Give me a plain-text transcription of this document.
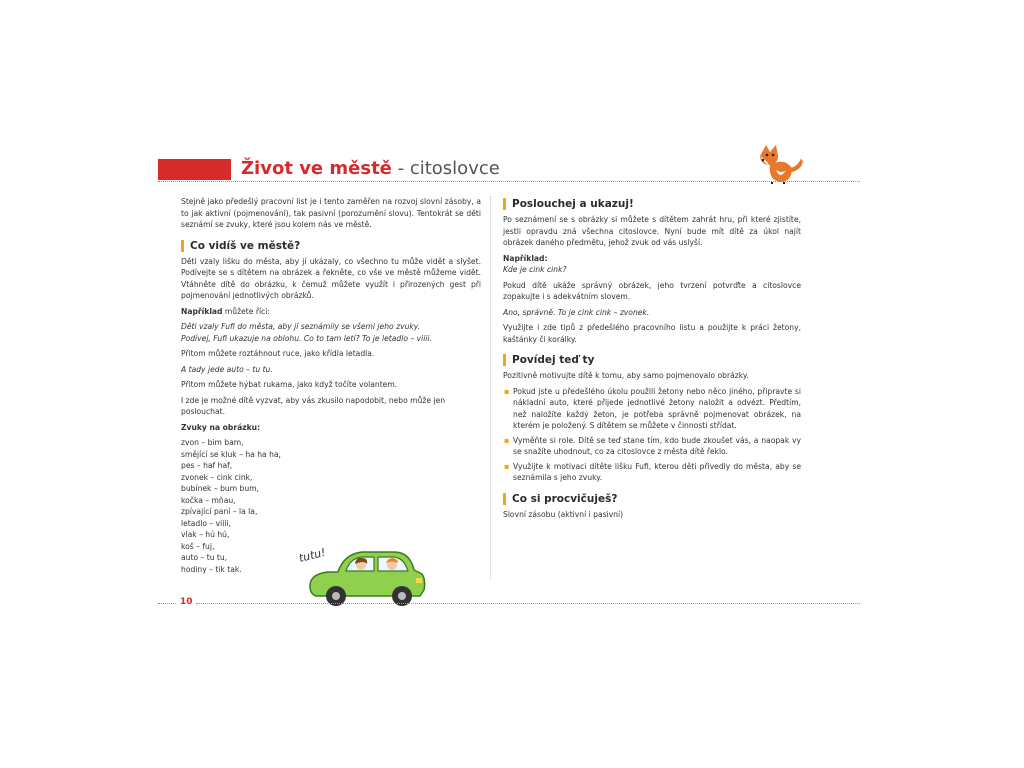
Život ve městě - citoslovce

Stejně jako předešlý pracovní list je i tento zaměřen na rozvoj slovní zásoby, a to jak aktivní (pojmenování), tak pasivní (porozumění slovu). Tentokrát se děti seznámí se zvuky, které jsou kolem nás ve městě.

Co vidíš ve městě?

Děti vzaly lišku do města, aby jí ukázaly, co všechno tu může vidět a slyšet. Podívejte se s dítětem na obrázek a řekněte, co vše ve městě můžeme vidět. Vtáhněte dítě do obrázku, k čemuž můžete využít i přirozených gest při pojmenování jednotlivých obrázků.

Například můžete říci:

Děti vzaly Fufi do města, aby jí seznámily se všemi jeho zvuky.

Podívej, Fufi ukazuje na oblohu. Co to tam letí? To je letadlo – viiii.

Přitom můžete roztáhnout ruce, jako křídla letadla.

A tady jede auto – tu tu.

Přitom můžete hýbat rukama, jako když točíte volantem.

I zde je možné dítě vyzvat, aby vás zkusilo napodobit, nebo může jen poslouchat.

Zvuky na obrázku:

zvon – bim bam,
smějící se kluk – ha ha ha,
pes – haf haf,
zvonek – cink cink,
bubínek – bum bum,
kočka – mňau,
zpívající paní – la la,
letadlo – viiii,
vlak – hú hú,
koš – fuj,
auto – tu tu,
hodiny – tik tak.
Poslouchej a ukazuj!

Po seznámení se s obrázky si můžete s dítětem zahrát hru, při které zjistíte, jestli opravdu zná všechna citoslovce. Nyní bude mít dítě za úkol najít obrázek daného předmětu, jehož zvuk od vás uslyší.

Například:

Kde je cink cink?

Pokud dítě ukáže správný obrázek, jeho tvrzení potvrďte a citoslovce zopakujte i s adekvátním slovem.

Ano, správně. To je cink cink – zvonek.

Využijte i zde tipů z předešlého pracovního listu a použijte k práci žetony, kaštánky či korálky.

Povídej teď ty

Pozitivně motivujte dítě k tomu, aby samo pojmenovalo obrázky.

▪ Pokud jste u předešlého úkolu použili žetony nebo něco jiného, připravte si nákladní auto, které přijede jednotlivé žetony naložit a odvézt. Předtím, než naložíte každý žeton, je potřeba správně pojmenovat obrázek, na kterém je položený. S dítětem se můžete v činnosti střídat.
▪ Vyměňte si role. Dítě se teď stane tím, kdo bude zkoušet vás, a naopak vy se snažíte uhodnout, co za citoslovce z města dítě řeklo.
▪ Využijte k motivaci dítěte lišku Fufi, kterou děti přivedly do města, aby se seznámila s jeho zvuky.
Co si procvičuješ?

Slovní zásobu (aktivní i pasivní)

tutu!
10
